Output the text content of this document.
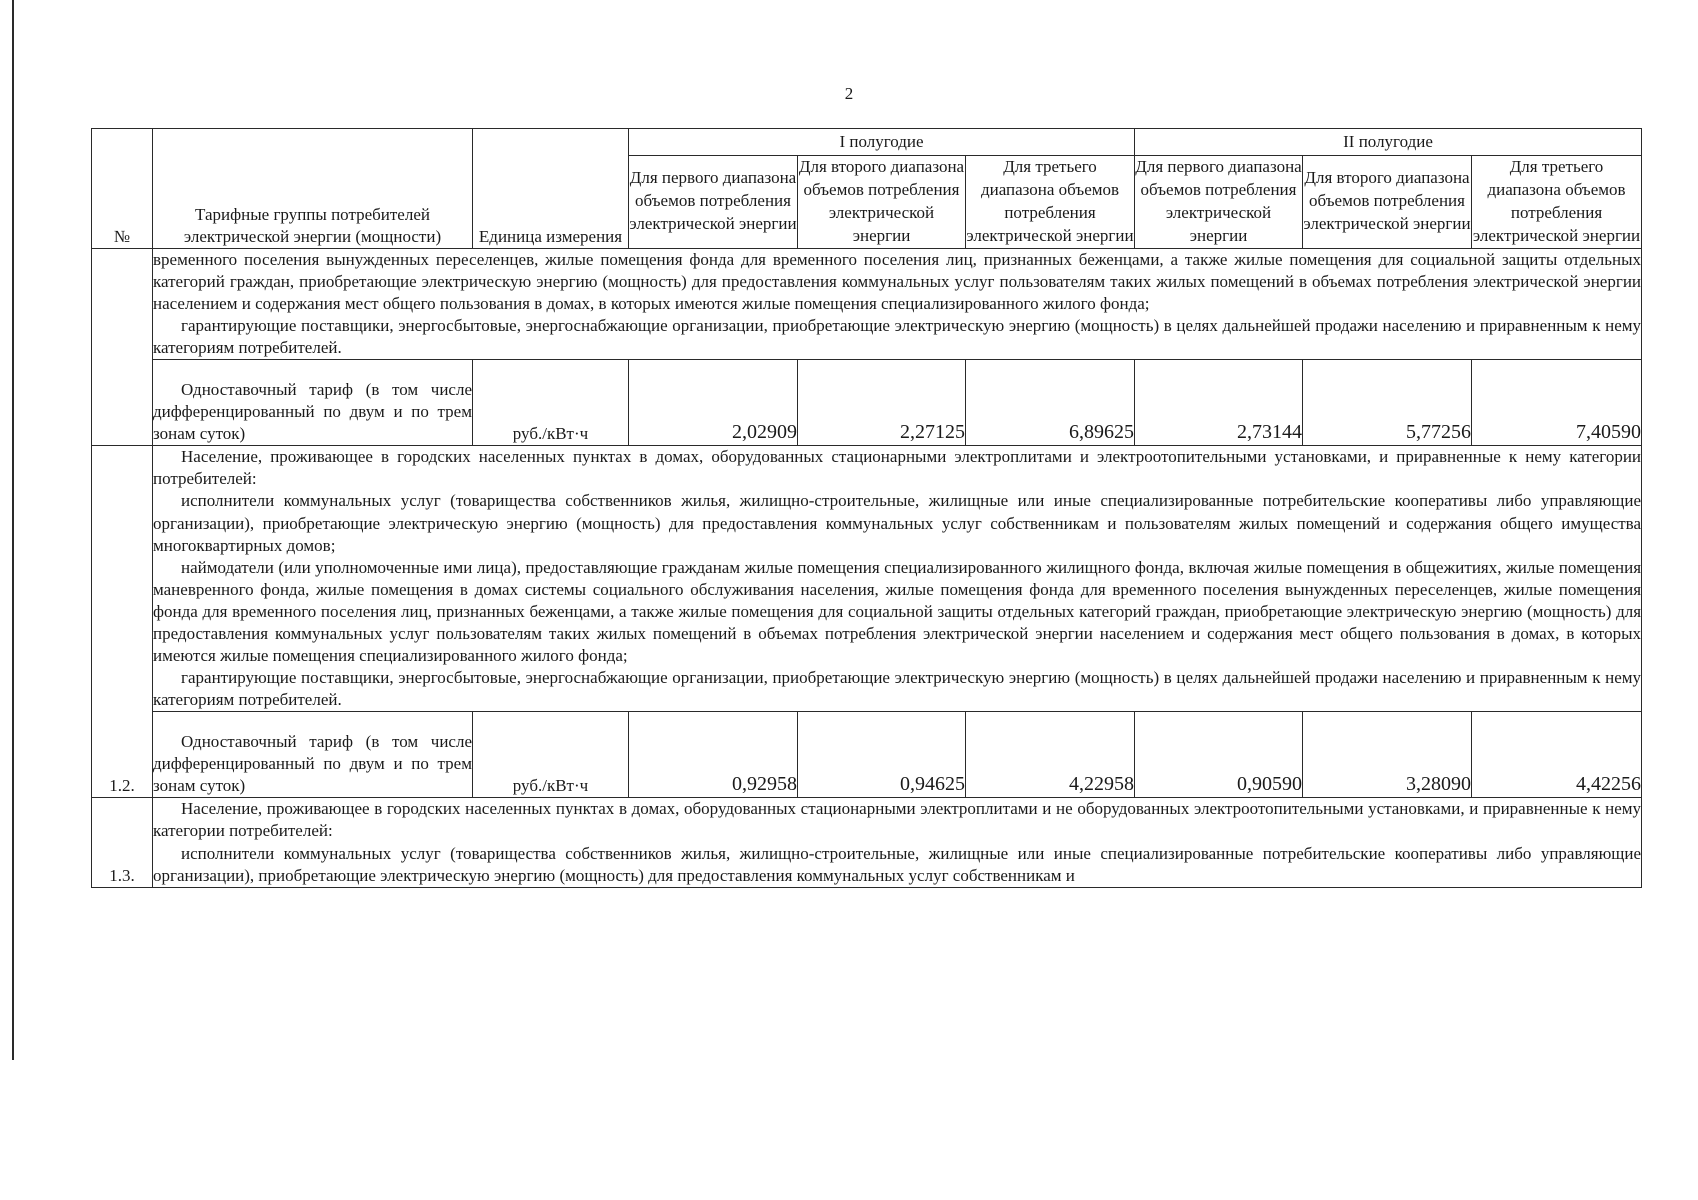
2
№	Тарифные группы потребителей электрической энергии (мощности)	Единица измерения	I полугодие			II полугодие		
			Для первого диапазона объемов потребления электрической энергии	Для второго диапазона объемов потребления электрической энергии	Для третьего диапазона объемов потребления электрической энергии	Для первого диапазона объемов потребления электрической энергии	Для второго диапазона объемов потребления электрической энергии	Для третьего диапазона объемов потребления электрической энергии

	временного поселения вынужденных переселенцев, жилые помещения фонда для временного поселения лиц, признанных беженцами, а также жилые помещения для социальной защиты отдельных категорий граждан, приобретающие электрическую энергию (мощность) для предоставления коммунальных услуг пользователям таких жилых помещений в объемах потребления электрической энергии населением и содержания мест общего пользования в домах, в которых имеются жилые помещения специализированного жилого фонда;

гарантирующие поставщики, энергосбытовые, энергоснабжающие организации, приобретающие электрическую энергию (мощность) в целях дальнейшей продажи населению и приравненным к нему категориям потребителей.							

	Одноставочный тариф (в том числе дифференцированный по двум и по трем зонам суток)	руб./кВт·ч	2,02909	2,27125	6,89625	2,73144	5,77256	7,40590
1.2.	Население, проживающее в городских населенных пунктах в домах, оборудованных стационарными электроплитами и электроотопительными установками, и приравненные к нему категории потребителей:

исполнители коммунальных услуг (товарищества собственников жилья, жилищно-строительные, жилищные или иные специализированные потребительские кооперативы либо управляющие организации), приобретающие электрическую энергию (мощность) для предоставления коммунальных услуг собственникам и пользователям жилых помещений и содержания общего имущества многоквартирных домов;

наймодатели (или уполномоченные ими лица), предоставляющие гражданам жилые помещения специализированного жилищного фонда, включая жилые помещения в общежитиях, жилые помещения маневренного фонда, жилые помещения в домах системы социального обслуживания населения, жилые помещения фонда для временного поселения вынужденных переселенцев, жилые помещения фонда для временного поселения лиц, признанных беженцами, а также жилые помещения для социальной защиты отдельных категорий граждан, приобретающие электрическую энергию (мощность) для предоставления коммунальных услуг пользователям таких жилых помещений в объемах потребления электрической энергии населением и содержания мест общего пользования в домах, в которых имеются жилые помещения специализированного жилого фонда;

гарантирующие поставщики, энергосбытовые, энергоснабжающие организации, приобретающие электрическую энергию (мощность) в целях дальнейшей продажи населению и приравненным к нему категориям потребителей.							

	Одноставочный тариф (в том числе дифференцированный по двум и по трем зонам суток)	руб./кВт·ч	0,92958	0,94625	4,22958	0,90590	3,28090	4,42256
1.3.	Население, проживающее в городских населенных пунктах в домах, оборудованных стационарными электроплитами и не оборудованных электроотопительными установками, и приравненные к нему категории потребителей:

исполнители коммунальных услуг (товарищества собственников жилья, жилищно-строительные, жилищные или иные специализированные потребительские кооперативы либо управляющие организации), приобретающие электрическую энергию (мощность) для предоставления коммунальных услуг собственникам и							
